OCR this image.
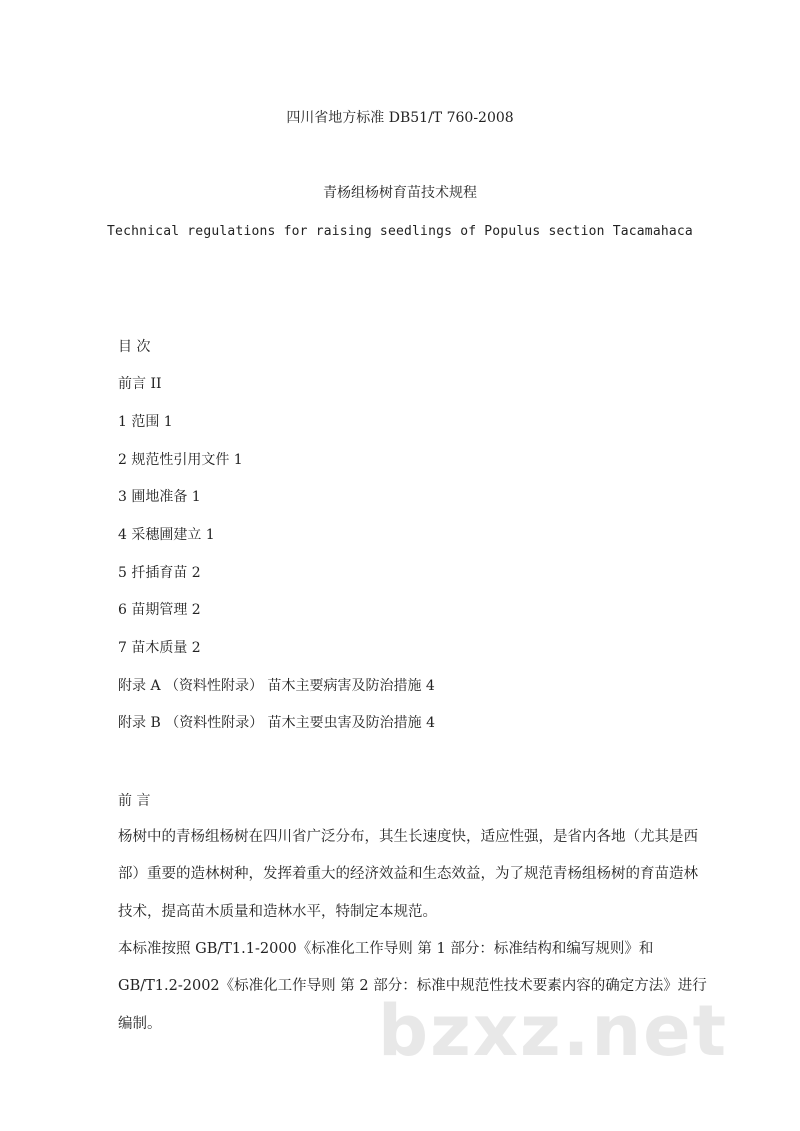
四川省地方标准 DB51/T 760-2008
青杨组杨树育苗技术规程
Technical regulations for raising seedlings of Populus section Tacamahaca
目 次
前言 II
1 范围 1
2 规范性引用文件 1
3 圃地准备 1
4 采穗圃建立 1
5 扦插育苗 2
6 苗期管理 2
7 苗木质量 2
附录 A （资料性附录） 苗木主要病害及防治措施 4
附录 B （资料性附录） 苗木主要虫害及防治措施 4
前 言
杨树中的青杨组杨树在四川省广泛分布，其生长速度快，适应性强，是省内各地（尤其是西
部）重要的造林树种，发挥着重大的经济效益和生态效益，为了规范青杨组杨树的育苗造林
技术，提高苗木质量和造林水平，特制定本规范。
本标准按照 GB/T1.1-2000《标准化工作导则 第 1 部分：标准结构和编写规则》和
GB/T1.2-2002《标准化工作导则 第 2 部分：标准中规范性技术要素内容的确定方法》进行
编制。	bzxz.net
